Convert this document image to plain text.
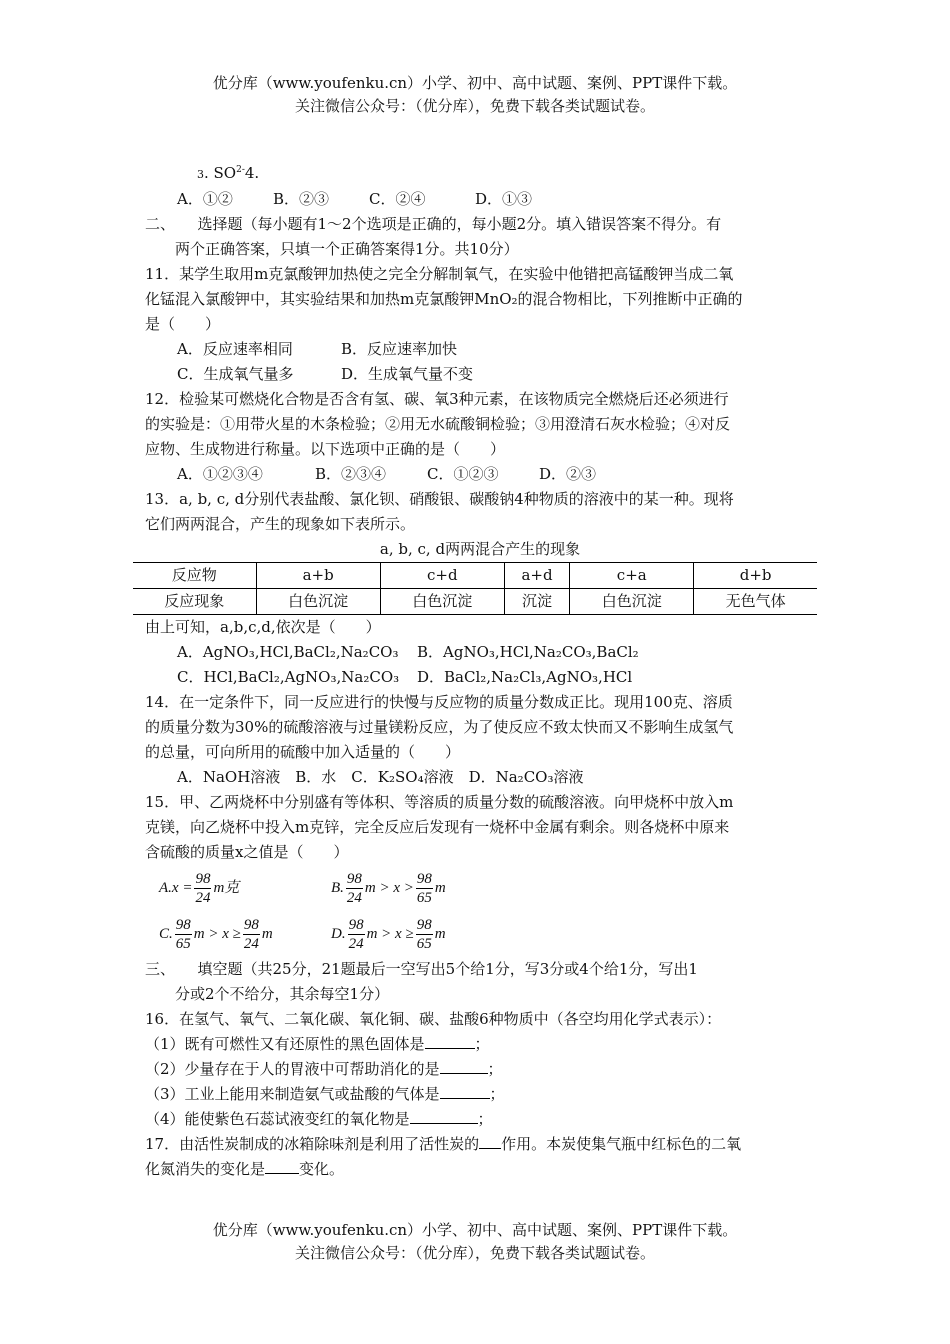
优分库（www.youfenku.cn）小学、初中、高中试题、案例、PPT课件下载。
关注微信公众号：（优分库），免费下载各类试题试卷。
3. $SO^{2-}4$.
A．①②	B．②③	C．②④	D．①③
二、　　选择题（每小题有1～2个选项是正确的，每小题2分。填入错误答案不得分。有
两个正确答案，只填一个正确答案得1分。共10分）
11．某学生取用m克氯酸钾加热使之完全分解制氧气，在实验中他错把高锰酸钾当成二氧
化锰混入氯酸钾中，其实验结果和加热m克氯酸钾MnO₂的混合物相比，下列推断中正确的
是（　　）
A．反应速率相同	B．反应速率加快
C．生成氧气量多	D．生成氧气量不变
12．检验某可燃烧化合物是否含有氢、碳、氧3种元素，在该物质完全燃烧后还必须进行
的实验是：①用带火星的木条检验；②用无水硫酸铜检验；③用澄清石灰水检验；④对反
应物、生成物进行称量。以下选项中正确的是（　　）
A．①②③④	B．②③④	C．①②③	D．②③
13．a, b, c, d分别代表盐酸、氯化钡、硝酸银、碳酸钠4种物质的溶液中的某一种。现将
它们两两混合，产生的现象如下表所示。
a, b, c, d两两混合产生的现象
反应物	a+b	c+d	a+d	c+a	d+b
反应现象	白色沉淀	白色沉淀	沉淀	白色沉淀	无色气体
由上可知，a,b,c,d,依次是（　　）
A．AgNO₃,HCl,BaCl₂,Na₂CO₃ B．AgNO₃,HCl,Na₂CO₃,BaCl₂
C．HCl,BaCl₂,AgNO₃,Na₂CO₃ D．BaCl₂,Na₂Cl₃,AgNO₃,HCl
14．在一定条件下，同一反应进行的快慢与反应物的质量分数成正比。现用100克、溶质
的质量分数为30%的硫酸溶液与过量镁粉反应，为了使反应不致太快而又不影响生成氢气
的总量，可向所用的硫酸中加入适量的（　　）
A．NaOH溶液　B．水　C．K₂SO₄溶液　D．Na₂CO₃溶液
15．甲、乙两烧杯中分别盛有等体积、等溶质的质量分数的硫酸溶液。向甲烧杯中放入m
克镁，向乙烧杯中投入m克锌，完全反应后发现有一烧杯中金属有剩余。则各烧杯中原来
含硫酸的质量x之值是（　　）
$A.x = \frac{98}{24}$ m克	B. $\frac{98}{24}$ $m > x > \frac{98}{65}$ m
C. $\frac{98}{65}$ $m > x \ge \frac{98}{24}$ m	D. $\frac{98}{24}$ $m > x \ge \frac{98}{65}$ m
三、　　填空题（共25分，21题最后一空写出5个给1分，写3分或4个给1分，写出1
分或2个不给分，其余每空1分）
16．在氢气、氧气、二氧化碳、氧化铜、碳、盐酸6种物质中（各空均用化学式表示）：
（1）既有可燃性又有还原性的黑色固体是	；
（2）少量存在于人的胃液中可帮助消化的是	；
（3）工业上能用来制造氨气或盐酸的气体是	；
（4）能使紫色石蕊试液变红的氧化物是	；
17．由活性炭制成的冰箱除味剂是利用了活性炭的 作用。本炭使集气瓶中红标色的二氧
化氮消失的变化是 变化。
优分库（www.youfenku.cn）小学、初中、高中试题、案例、PPT课件下载。
关注微信公众号：（优分库），免费下载各类试题试卷。
